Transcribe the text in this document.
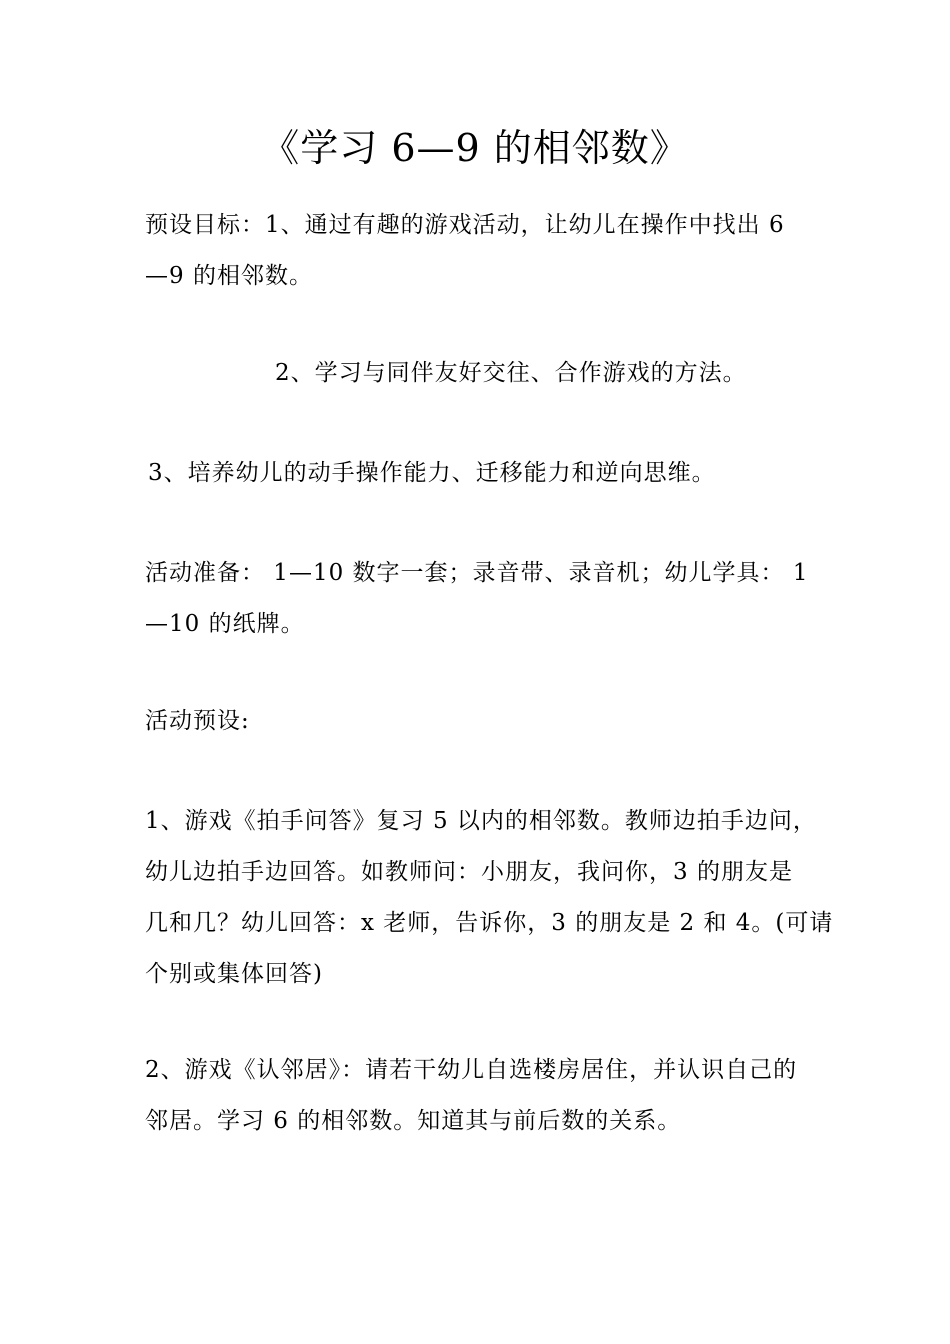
《学习 6—9 的相邻数》
预设目标：1、通过有趣的游戏活动，让幼儿在操作中找出 6
—9 的相邻数。
2、学习与同伴友好交往、合作游戏的方法。
3、培养幼儿的动手操作能力、迁移能力和逆向思维。
活动准备： 1—10 数字一套；录音带、录音机；幼儿学具： 1
—10 的纸牌。
活动预设:
1、游戏《拍手问答》复习 5 以内的相邻数。教师边拍手边问，
幼儿边拍手边回答。如教师问：小朋友，我问你，3 的朋友是
几和几？幼儿回答：x 老师，告诉你，3 的朋友是 2 和 4。(可请
个别或集体回答)
2、游戏《认邻居》：请若干幼儿自选楼房居住，并认识自己的
邻居。学习 6 的相邻数。知道其与前后数的关系。
